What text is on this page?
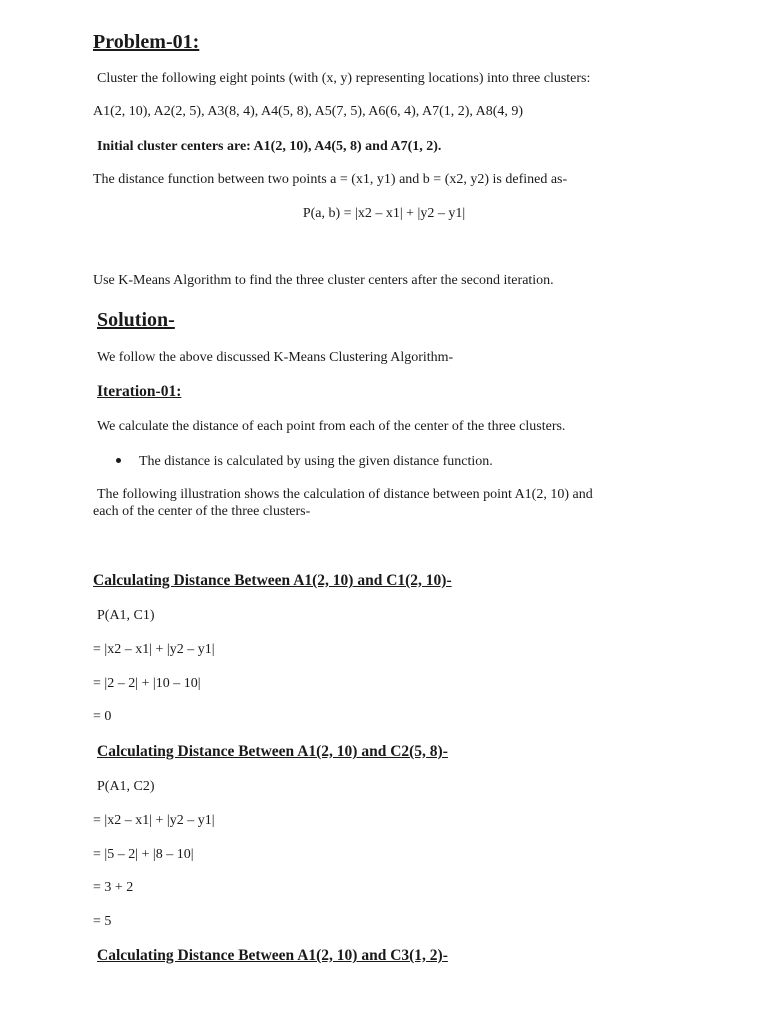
Problem-01:
Cluster the following eight points (with (x, y) representing locations) into three clusters:
A1(2, 10), A2(2, 5), A3(8, 4), A4(5, 8), A5(7, 5), A6(6, 4), A7(1, 2), A8(4, 9)
Initial cluster centers are: A1(2, 10), A4(5, 8) and A7(1, 2).
The distance function between two points a = (x1, y1) and b = (x2, y2) is defined as-
P(a, b) = |x2 – x1| + |y2 – y1|
Use K-Means Algorithm to find the three cluster centers after the second iteration.
Solution-
We follow the above discussed K-Means Clustering Algorithm-
Iteration-01:
We calculate the distance of each point from each of the center of the three clusters.
The distance is calculated by using the given distance function.
The following illustration shows the calculation of distance between point A1(2, 10) and
each of the center of the three clusters-
Calculating Distance Between A1(2, 10) and C1(2, 10)-
P(A1, C1)
= |x2 – x1| + |y2 – y1|
= |2 – 2| + |10 – 10|
= 0
Calculating Distance Between A1(2, 10) and C2(5, 8)-
P(A1, C2)
= |x2 – x1| + |y2 – y1|
= |5 – 2| + |8 – 10|
= 3 + 2
= 5
Calculating Distance Between A1(2, 10) and C3(1, 2)-
